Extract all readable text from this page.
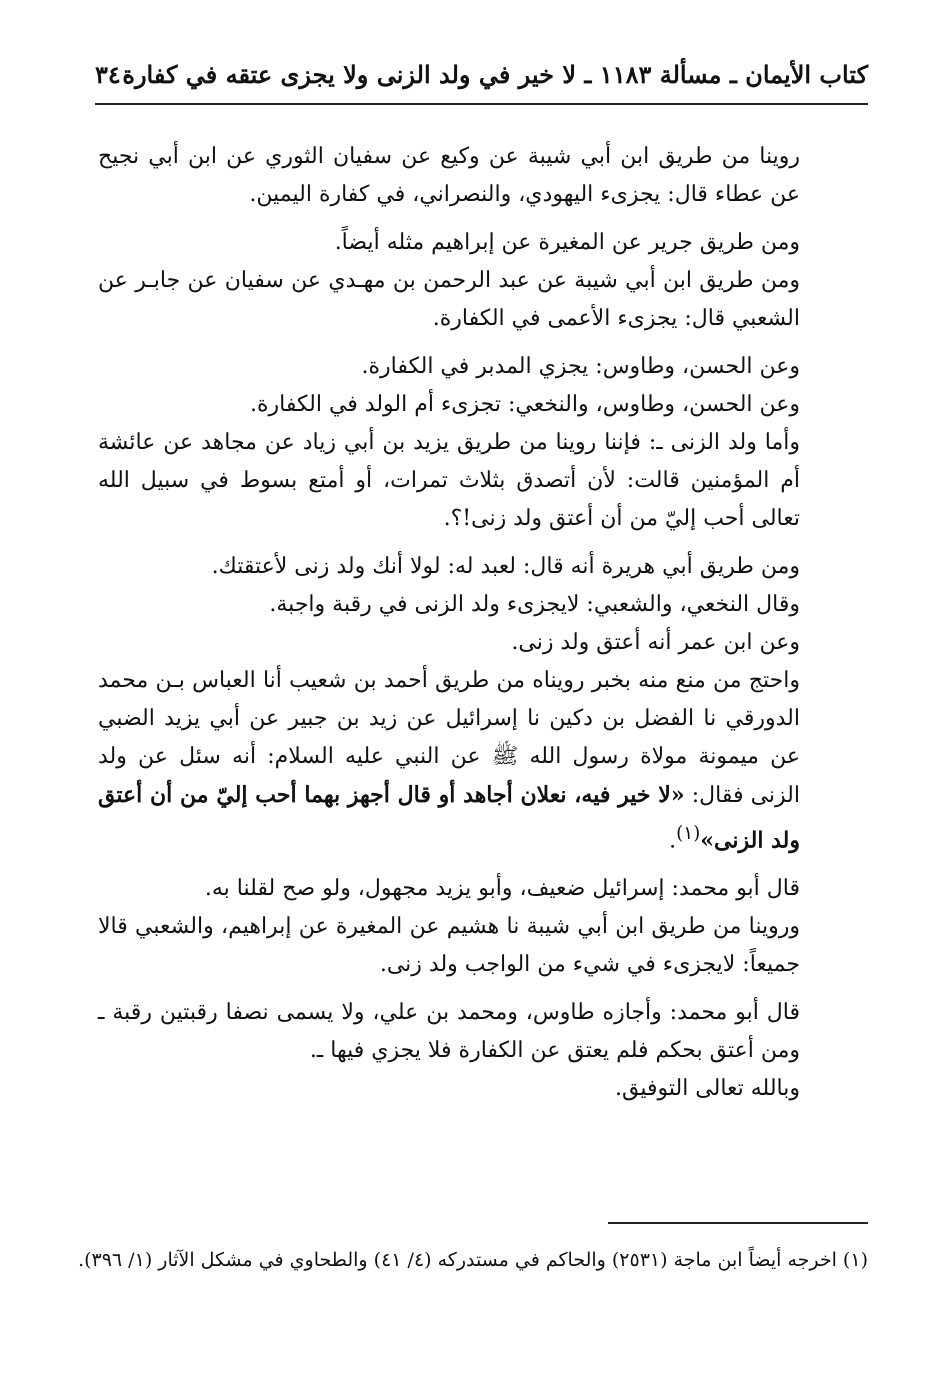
كتاب الأيمان ـ مسألة ١١٨٣ ـ لا خير في ولد الزنى ولا يجزى عتقه في كفارة
٣٤٠

روينا من طريق ابن أبي شيبة عن وكيع عن سفيان الثوري عن ابن أبي نجيح عن عطاء قال: يجزىء اليهودي، والنصراني، في كفارة اليمين.

ومن طريق جرير عن المغيرة عن إبراهيم مثله أيضاً.

ومن طريق ابن أبي شيبة عن عبد الرحمن بن مهـدي عن سفيان عن جابـر عن الشعبي قال: يجزىء الأعمى في الكفارة.

وعن الحسن، وطاوس: يجزي المدبر في الكفارة.

وعن الحسن، وطاوس، والنخعي: تجزىء أم الولد في الكفارة.

وأما ولد الزنى ـ: فإننا روينا من طريق يزيد بن أبي زياد عن مجاهد عن عائشة أم المؤمنين قالت: لأن أتصدق بثلاث تمرات، أو أمتع بسوط في سبيل الله تعالى أحب إليّ من أن أعتق ولد زنى!؟.

ومن طريق أبي هريرة أنه قال: لعبد له: لولا أنك ولد زنى لأعتقتك.

وقال النخعي، والشعبي: لايجزىء ولد الزنى في رقبة واجبة.

وعن ابن عمر أنه أعتق ولد زنى.

واحتج من منع منه بخبر رويناه من طريق أحمد بن شعيب أنا العباس بـن محمد الدورقي نا الفضل بن دكين نا إسرائيل عن زيد بن جبير عن أبي يزيد الضبي عن ميمونة مولاة رسول الله ﷺ عن النبي عليه السلام: أنه سئل عن ولد الزنى فقال: «لا خير فيه، نعلان أجاهد أو قال أجهز بهما أحب إليّ من أن أعتق ولد الزنى»$^{(١)}$.

قال أبو محمد: إسرائيل ضعيف، وأبو يزيد مجهول، ولو صح لقلنا به.

وروينا من طريق ابن أبي شيبة نا هشيم عن المغيرة عن إبراهيم، والشعبي قالا جميعاً: لايجزىء في شيء من الواجب ولد زنى.

قال أبو محمد: وأجازه طاوس، ومحمد بن علي، ولا يسمى نصفا رقبتين رقبة ـ ومن أعتق بحكم فلم يعتق عن الكفارة فلا يجزي فيها ـ.

وبالله تعالى التوفيق.

(١) اخرجه أيضاً ابن ماجة (٢٥٣١) والحاكم في مستدركه (٤/ ٤١) والطحاوي في مشكل الآثار (١/ ٣٩٦).
